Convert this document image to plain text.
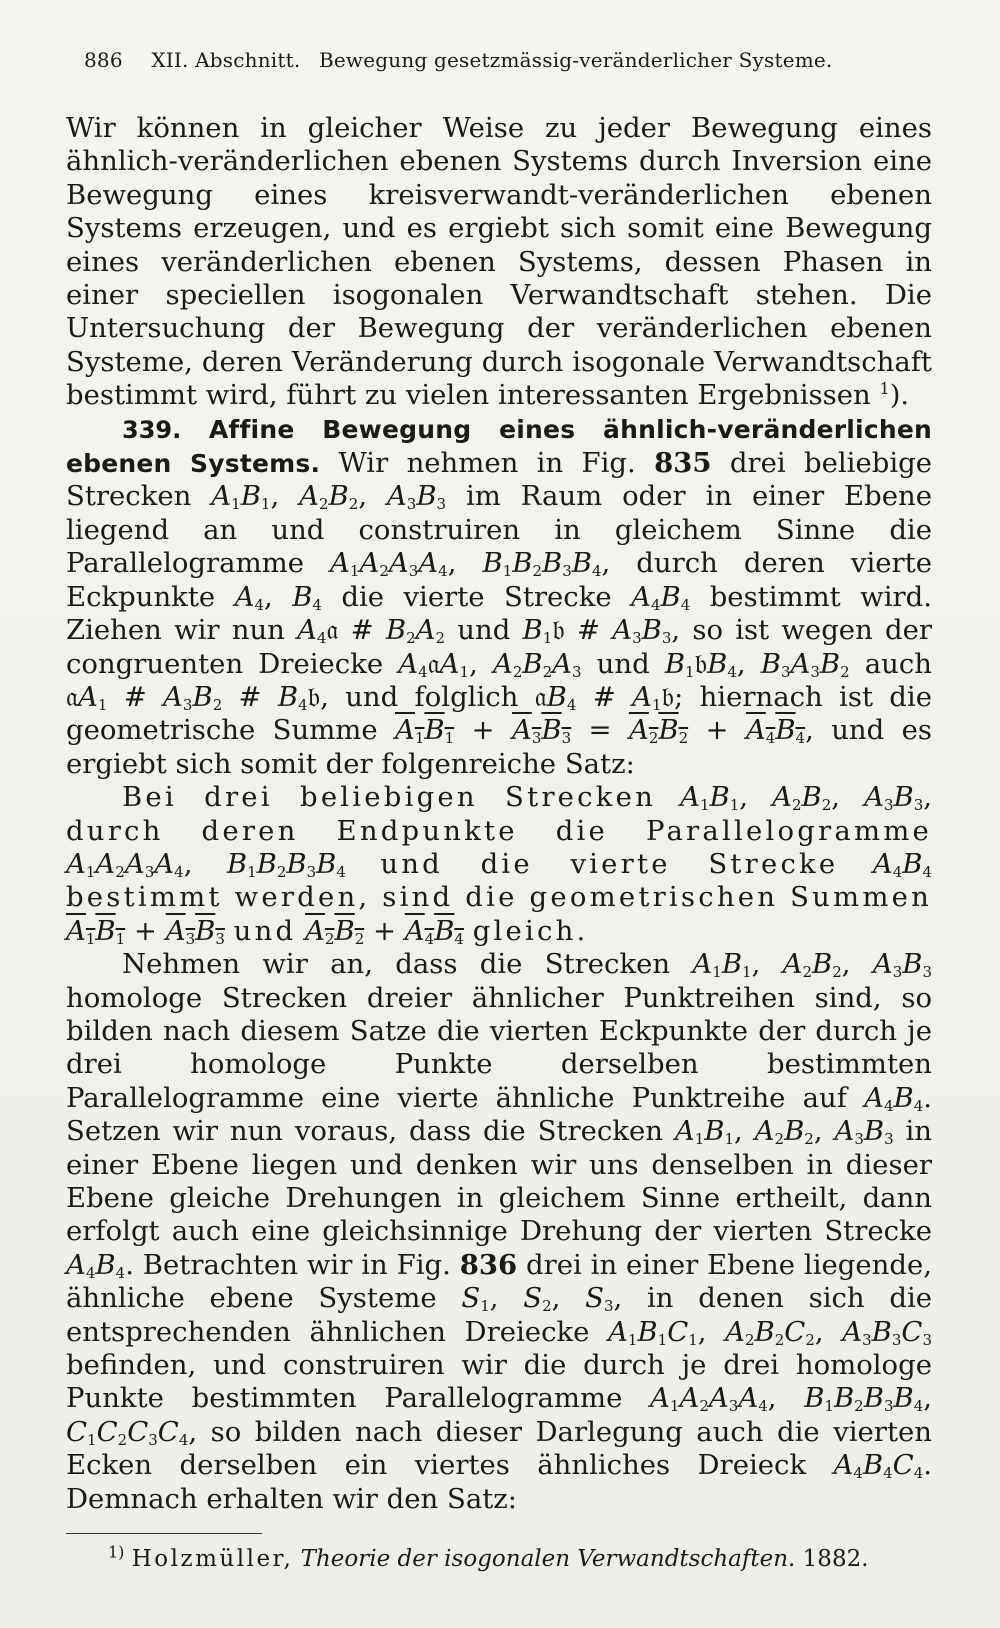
886 XII. Abschnitt. Bewegung gesetzmässig-veränderlicher Systeme.

Wir können in gleicher Weise zu jeder Bewegung eines ähnlich-veränderlichen ebenen Systems durch Inversion eine Bewegung eines kreisverwandt-veränderlichen ebenen Systems erzeugen, und es ergiebt sich somit eine Bewegung eines veränderlichen ebenen Systems, dessen Phasen in einer speciellen isogonalen Verwandtschaft stehen. Die Untersuchung der Bewegung der veränderlichen ebenen Systeme, deren Veränderung durch isogonale Verwandtschaft bestimmt wird, führt zu vielen interessanten Ergebnissen $^1$).

339. Affine Bewegung eines ähnlich-veränderlichen ebenen Systems. Wir nehmen in Fig. 835 drei beliebige Strecken $A_1B_1$, $A_2B_2$, $A_3B_3$ im Raum oder in einer Ebene liegend an und construiren in gleichem Sinne die Parallelogramme $A_1A_2A_3A_4$, $B_1B_2B_3B_4$, durch deren vierte Eckpunkte $A_4$, $B_4$ die vierte Strecke $A_4B_4$ bestimmt wird. Ziehen wir nun $A_4𝔞$ # $B_2A_2$ und $B_1𝔟$ # $A_3B_3$, so ist wegen der congruenten Dreiecke $A_4𝔞A_1$, $A_2B_2A_3$ und $B_1𝔟B_4$, $B_3A_3B_2$ auch 𝔞A$_1$ # $A_3B_2$ # $B_4𝔟$, und folglich 𝔞B$_4$ # $A_1𝔟$; hiernach ist die geometrische Summe $A_1B_1 + A_3B_3 = A_2B_2 + A_4B_4$, und es ergiebt sich somit der folgenreiche Satz:

Bei drei beliebigen Strecken $A_1B_1$, $A_2B_2$, $A_3B_3$, durch deren Endpunkte die Parallelogramme $A_1A_2A_3A_4$, $B_1B_2B_3B_4$ und die vierte Strecke $A_4B_4$ bestimmt werden, sind die geometrischen Summen $A_1B_1 + A_3B_3$ und $A_2B_2 + A_4B_4$ gleich.

Nehmen wir an, dass die Strecken $A_1B_1$, $A_2B_2$, $A_3B_3$ homologe Strecken dreier ähnlicher Punktreihen sind, so bilden nach diesem Satze die vierten Eckpunkte der durch je drei homologe Punkte derselben bestimmten Parallelogramme eine vierte ähnliche Punktreihe auf $A_4B_4$. Setzen wir nun voraus, dass die Strecken $A_1B_1$, $A_2B_2$, $A_3B_3$ in einer Ebene liegen und denken wir uns denselben in dieser Ebene gleiche Drehungen in gleichem Sinne ertheilt, dann erfolgt auch eine gleichsinnige Drehung der vierten Strecke $A_4B_4$. Betrachten wir in Fig. 836 drei in einer Ebene liegende, ähnliche ebene Systeme $S_1$, $S_2$, $S_3$, in denen sich die entsprechenden ähnlichen Dreiecke $A_1B_1C_1$, $A_2B_2C_2$, $A_3B_3C_3$ befinden, und construiren wir die durch je drei homologe Punkte bestimmten Parallelogramme $A_1A_2A_3A_4$, $B_1B_2B_3B_4$, $C_1C_2C_3C_4$, so bilden nach dieser Darlegung auch die vierten Ecken derselben ein viertes ähnliches Dreieck $A_4B_4C_4$. Demnach erhalten wir den Satz:

$^{1)}$ Holzmüller, Theorie der isogonalen Verwandtschaften. 1882.
